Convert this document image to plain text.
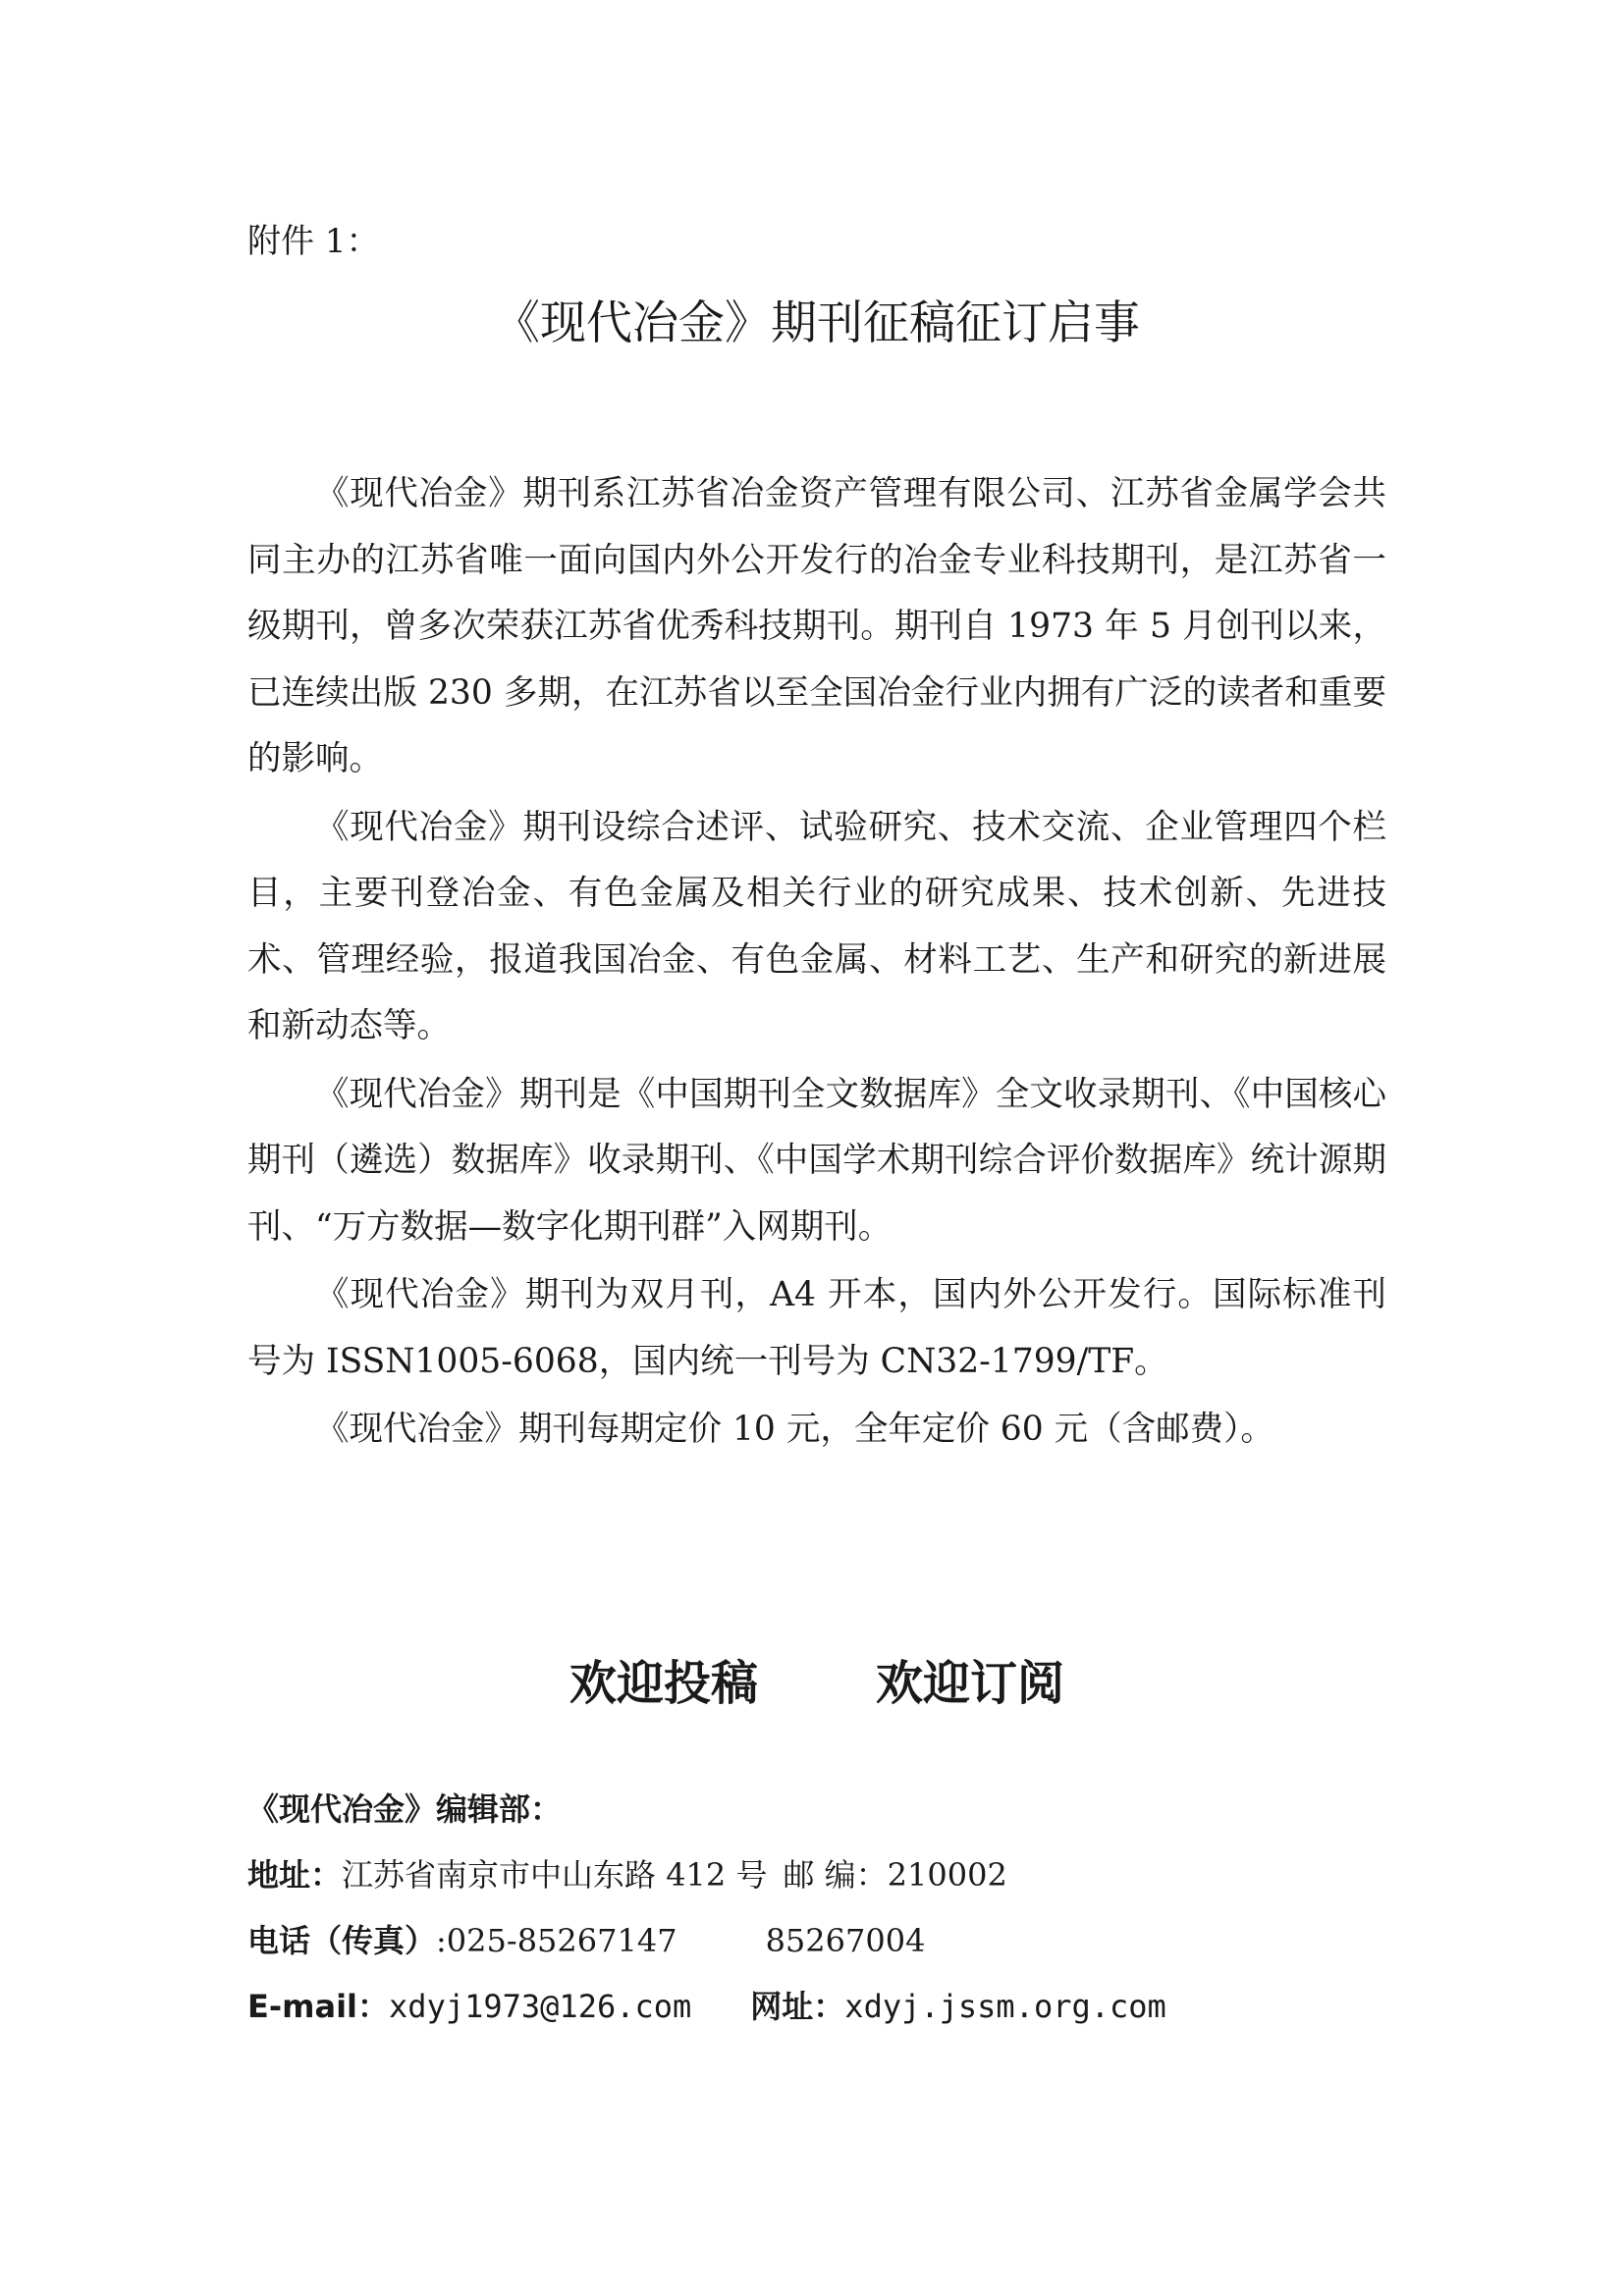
附件 1：

《现代冶金》期刊征稿征订启事

《现代冶金》期刊系江苏省冶金资产管理有限公司、江苏省金属学会共同主办的江苏省唯一面向国内外公开发行的冶金专业科技期刊，是江苏省一级期刊，曾多次荣获江苏省优秀科技期刊。期刊自 1973 年 5 月创刊以来，已连续出版 230 多期，在江苏省以至全国冶金行业内拥有广泛的读者和重要的影响。

《现代冶金》期刊设综合述评、试验研究、技术交流、企业管理四个栏目，主要刊登冶金、有色金属及相关行业的研究成果、技术创新、先进技术、管理经验，报道我国冶金、有色金属、材料工艺、生产和研究的新进展和新动态等。

《现代冶金》期刊是《中国期刊全文数据库》全文收录期刊、《中国核心期刊（遴选）数据库》收录期刊、《中国学术期刊综合评价数据库》统计源期刊、“万方数据—数字化期刊群”入网期刊。

《现代冶金》期刊为双月刊，A4 开本，国内外公开发行。国际标准刊号为 ISSN1005-6068，国内统一刊号为 CN32-1799/TF。

《现代冶金》期刊每期定价 10 元，全年定价 60 元（含邮费）。

欢迎投稿	欢迎订阅

《现代冶金》编辑部：

地址：江苏省南京市中山东路 412 号 邮 编：210002

电话（传真）:025-85267147	85267004

E-mail：xdyj1973@126.com 网址：xdyj.jssm.org.com
